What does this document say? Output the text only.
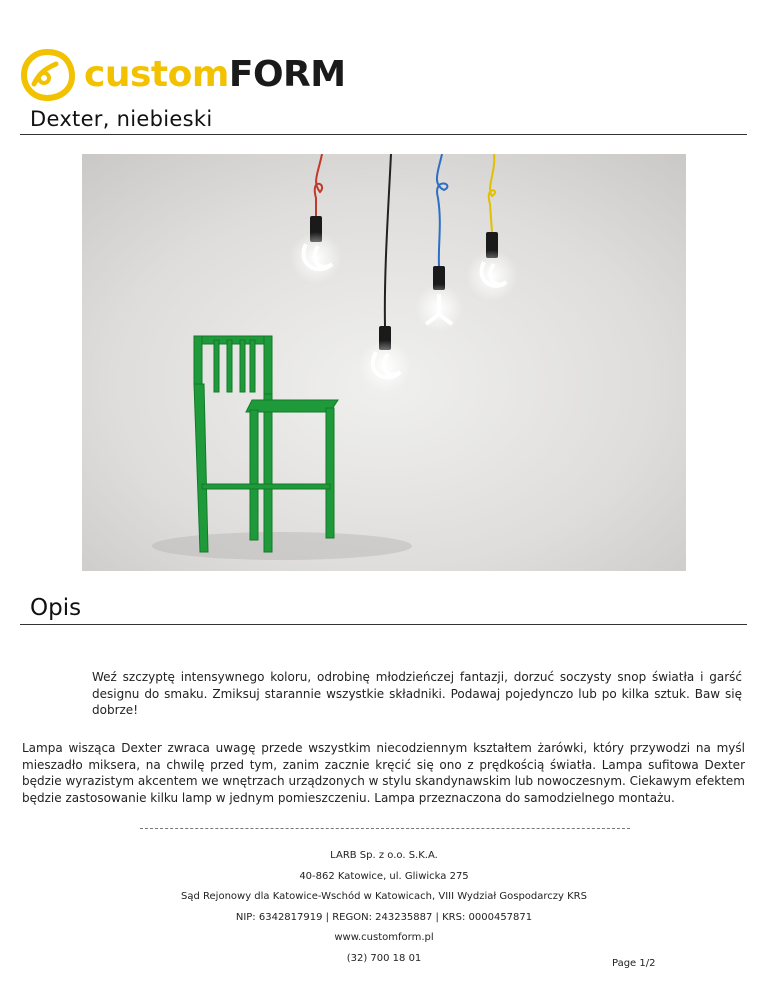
customFORM
Dexter, niebieski
Opis
Weź szczyptę intensywnego koloru, odrobinę młodzieńczej fantazji, dorzuć soczysty snop światła i garść designu do smaku. Zmiksuj starannie wszystkie składniki. Podawaj pojedynczo lub po kilka sztuk. Baw się dobrze!
Lampa wisząca Dexter zwraca uwagę przede wszystkim niecodziennym kształtem żarówki, który przywodzi na myśl mieszadło miksera, na chwilę przed tym, zanim zacznie kręcić się ono z prędkością światła. Lampa sufitowa Dexter będzie wyrazistym akcentem we wnętrzach urządzonych w stylu skandynawskim lub nowoczesnym. Ciekawym efektem będzie zastosowanie kilku lamp w jednym pomieszczeniu. Lampa przeznaczona do samodzielnego montażu.
LARB Sp. z o.o. S.K.A.
40-862 Katowice, ul. Gliwicka 275
Sąd Rejonowy dla Katowice-Wschód w Katowicach, VIII Wydział Gospodarczy KRS
NIP: 6342817919 | REGON: 243235887 | KRS: 0000457871
www.customform.pl
(32) 700 18 01	Page 1/2
